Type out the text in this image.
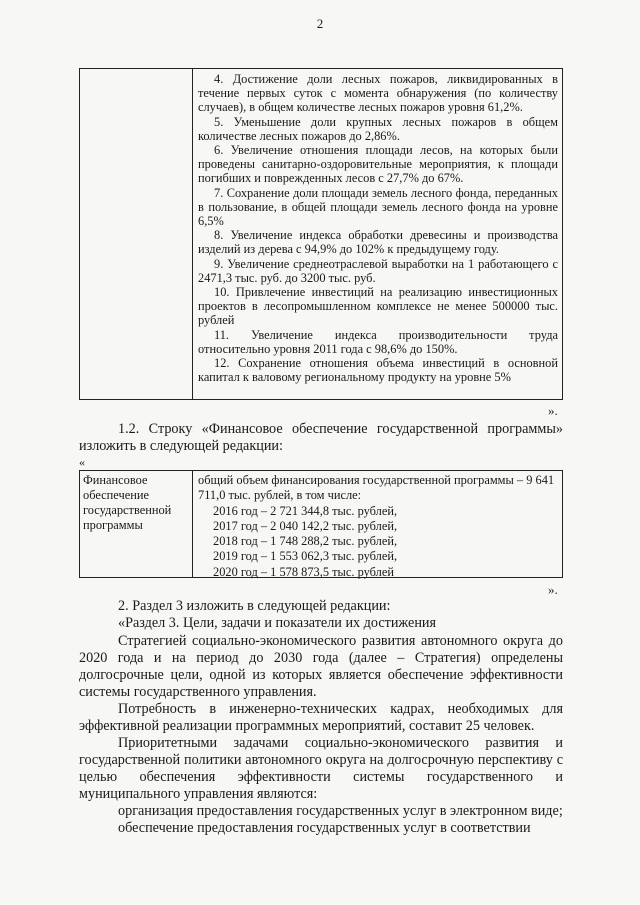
2

4. Достижение доли лесных пожаров, ликвидированных в течение первых суток с момента обнаружения (по количеству случаев), в общем количестве лесных пожаров уровня 61,2%.

5. Уменьшение доли крупных лесных пожаров в общем количестве лесных пожаров до 2,86%.

6. Увеличение отношения площади лесов, на которых были проведены санитарно-оздоровительные мероприятия, к площади погибших и поврежденных лесов с 27,7% до 67%.

7. Сохранение доли площади земель лесного фонда, переданных в пользование, в общей площади земель лесного фонда на уровне 6,5%

8. Увеличение индекса обработки древесины и производства изделий из дерева с 94,9% до 102% к предыдущему году.

9. Увеличение среднеотраслевой выработки на 1 работающего с 2471,3 тыс. руб. до 3200 тыс. руб.

10. Привлечение инвестиций на реализацию инвестиционных проектов в лесопромышленном комплексе не менее 500000 тыс. рублей

11. Увеличение индекса производительности труда относительно уровня 2011 года с 98,6% до 150%.

12. Сохранение отношения объема инвестиций в основной капитал к валовому региональному продукту на уровне 5%

».

1.2. Строку «Финансовое обеспечение государственной программы» изложить в следующей редакции:

«
Финансовое обеспечение государственной программы
общий объем финансирования государственной программы – 9 641 711,0 тыс. рублей, в том числе:
2016 год – 2 721 344,8 тыс. рублей,
2017 год – 2 040 142,2 тыс. рублей,
2018 год – 1 748 288,2 тыс. рублей,
2019 год – 1 553 062,3 тыс. рублей,
2020 год – 1 578 873,5 тыс. рублей
».
2. Раздел 3 изложить в следующей редакции:
«Раздел 3. Цели, задачи и показатели их достижения

Стратегией социально-экономического развития автономного округа до 2020 года и на период до 2030 года (далее – Стратегия) определены долгосрочные цели, одной из которых является обеспечение эффективности системы государственного управления.

Потребность в инженерно-технических кадрах, необходимых для эффективной реализации программных мероприятий, составит 25 человек.

Приоритетными задачами социально-экономического развития и государственной политики автономного округа на долгосрочную перспективу с целью обеспечения эффективности системы государственного и муниципального управления являются:

организация предоставления государственных услуг в электронном виде;

обеспечение предоставления государственных услуг в соответствии
